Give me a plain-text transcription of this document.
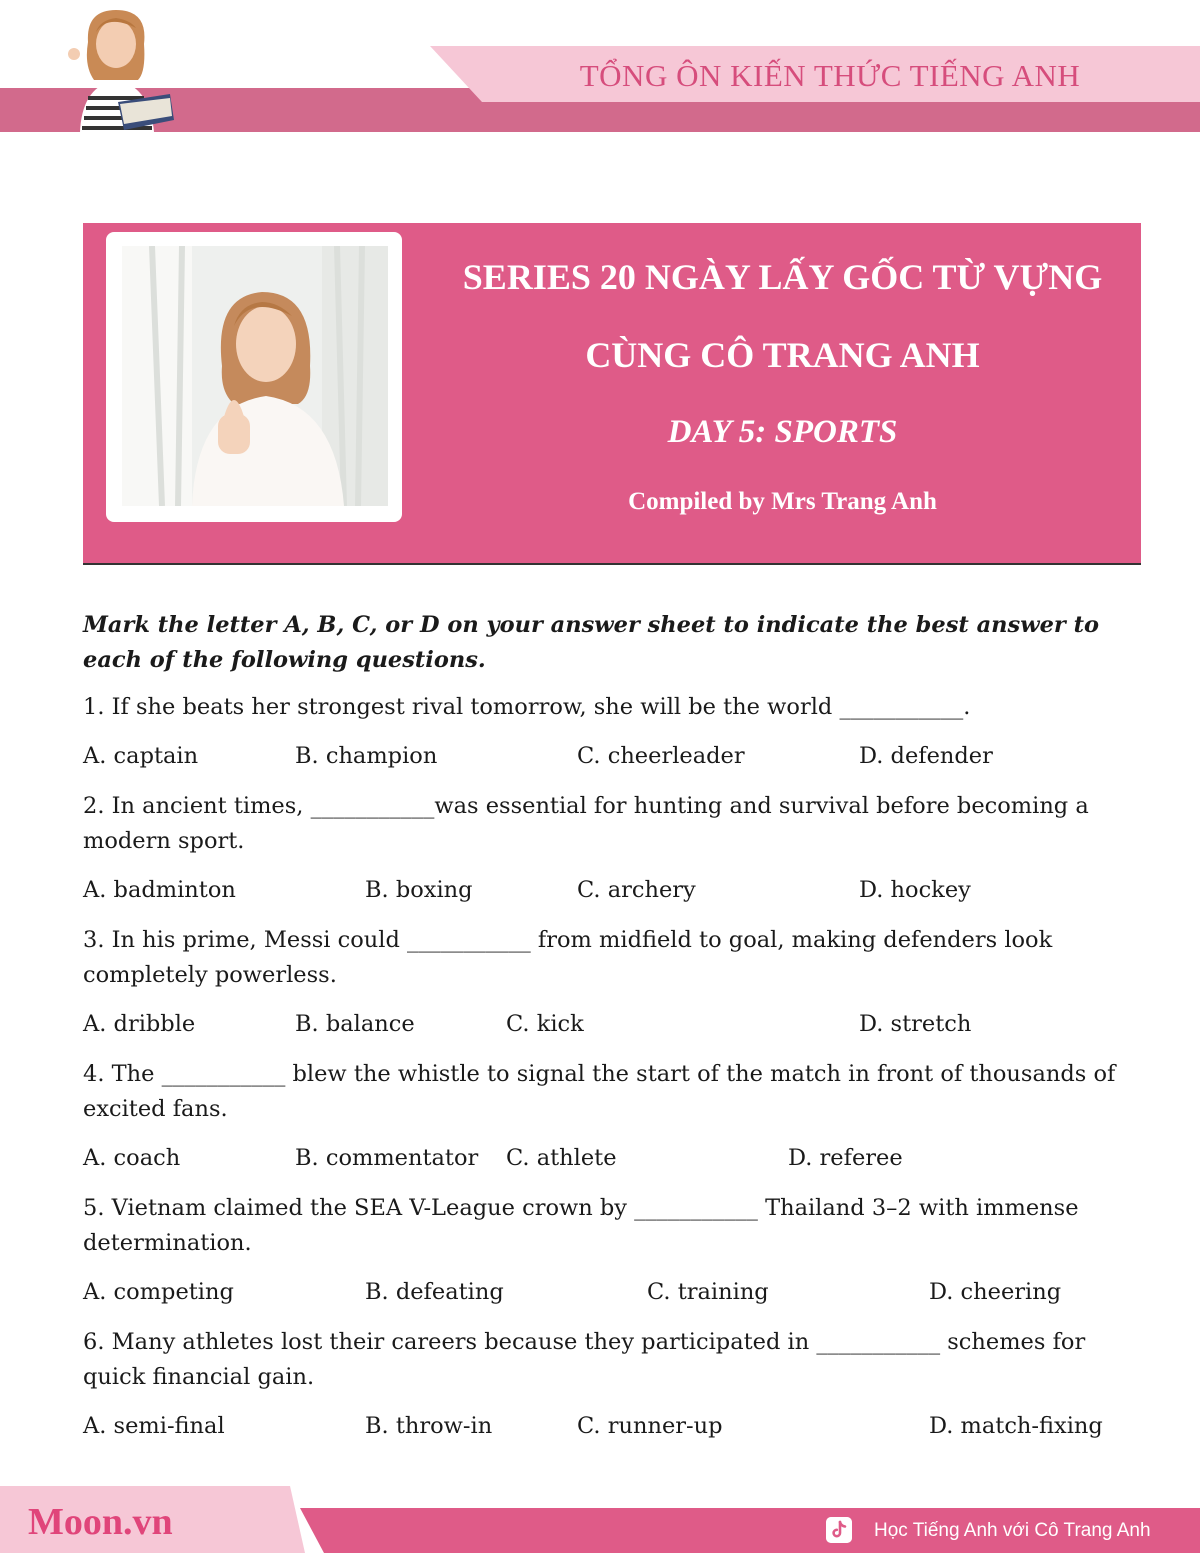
TỔNG ÔN KIẾN THỨC TIẾNG ANH
SERIES 20 NGÀY LẤY GỐC TỪ VỰNG
CÙNG CÔ TRANG ANH
DAY 5: SPORTS
Compiled by Mrs Trang Anh

Mark the letter A, B, C, or D on your answer sheet to indicate the best answer to each of the following questions.

1. If she beats her strongest rival tomorrow, she will be the world ___________.

A. captain	B. champion	C. cheerleader	D. defender

2. In ancient times, ___________was essential for hunting and survival before becoming a modern sport.

A. badminton	B. boxing	C. archery	D. hockey

3. In his prime, Messi could ___________ from midfield to goal, making defenders look completely powerless.

A. dribble	B. balance	C. kick	D. stretch

4. The ___________ blew the whistle to signal the start of the match in front of thousands of excited fans.

A. coach	B. commentator C. athlete	D. referee

5. Vietnam claimed the SEA V-League crown by ___________ Thailand 3–2 with immense determination.

A. competing	B. defeating	C. training	D. cheering

6. Many athletes lost their careers because they participated in ___________ schemes for quick financial gain.

A. semi-final	B. throw-in	C. runner-up	D. match-fixing
Moon.vn	Học Tiếng Anh với Cô Trang Anh
